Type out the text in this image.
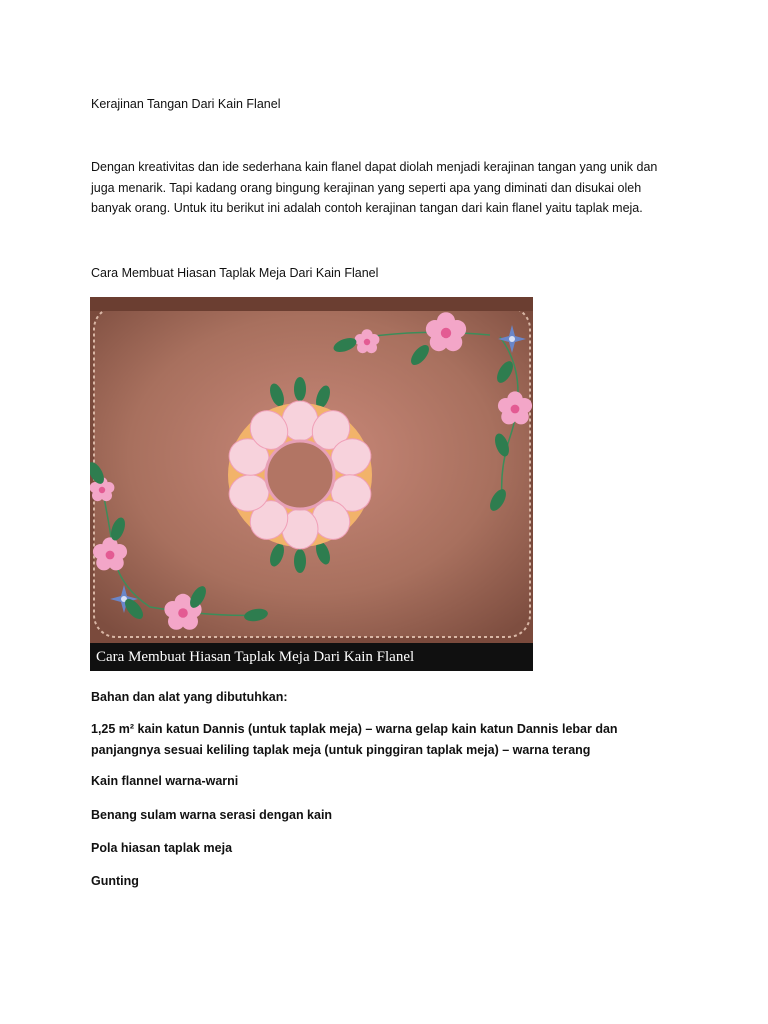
Kerajinan Tangan Dari Kain Flanel

Dengan kreativitas dan ide sederhana kain flanel dapat diolah menjadi kerajinan tangan yang unik dan juga menarik. Tapi kadang orang bingung kerajinan yang seperti apa yang diminati dan disukai oleh banyak orang. Untuk itu berikut ini adalah contoh kerajinan tangan dari kain flanel yaitu taplak meja.

Cara Membuat Hiasan Taplak Meja Dari Kain Flanel

Cara Membuat Hiasan Taplak Meja Dari Kain Flanel

Bahan dan alat yang dibutuhkan:

1,25 m² kain katun Dannis (untuk taplak meja) – warna gelap kain katun Dannis lebar dan panjangnya sesuai keliling taplak meja (untuk pinggiran taplak meja) – warna terang

Kain flannel warna-warni

Benang sulam warna serasi dengan kain

Pola hiasan taplak meja

Gunting
